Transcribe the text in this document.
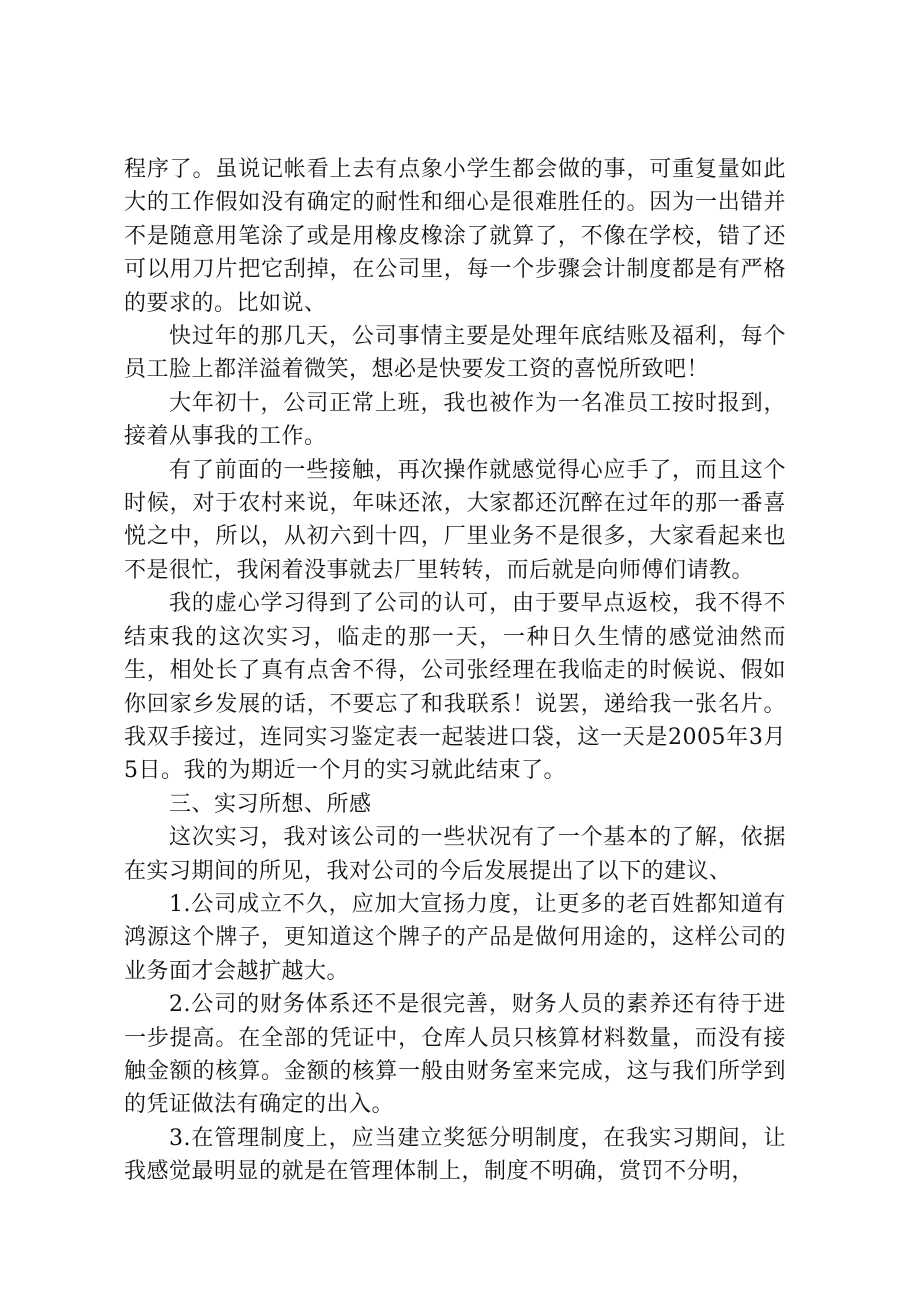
程序了。虽说记帐看上去有点象小学生都会做的事，可重复量如此大的工作假如没有确定的耐性和细心是很难胜任的。因为一出错并不是随意用笔涂了或是用橡皮橡涂了就算了，不像在学校，错了还可以用刀片把它刮掉，在公司里，每一个步骤会计制度都是有严格的要求的。比如说、

快过年的那几天，公司事情主要是处理年底结账及福利，每个员工脸上都洋溢着微笑，想必是快要发工资的喜悦所致吧！

大年初十，公司正常上班，我也被作为一名准员工按时报到，接着从事我的工作。

有了前面的一些接触，再次操作就感觉得心应手了，而且这个时候，对于农村来说，年味还浓，大家都还沉醉在过年的那一番喜悦之中，所以，从初六到十四，厂里业务不是很多，大家看起来也不是很忙，我闲着没事就去厂里转转，而后就是向师傅们请教。

我的虚心学习得到了公司的认可，由于要早点返校，我不得不结束我的这次实习，临走的那一天，一种日久生情的感觉油然而生，相处长了真有点舍不得，公司张经理在我临走的时候说、假如你回家乡发展的话，不要忘了和我联系！说罢，递给我一张名片。我双手接过，连同实习鉴定表一起装进口袋，这一天是2005年3月5日。我的为期近一个月的实习就此结束了。

三、实习所想、所感

这次实习，我对该公司的一些状况有了一个基本的了解，依据在实习期间的所见，我对公司的今后发展提出了以下的建议、

1.公司成立不久，应加大宣扬力度，让更多的老百姓都知道有鸿源这个牌子，更知道这个牌子的产品是做何用途的，这样公司的业务面才会越扩越大。

2.公司的财务体系还不是很完善，财务人员的素养还有待于进一步提高。在全部的凭证中，仓库人员只核算材料数量，而没有接触金额的核算。金额的核算一般由财务室来完成，这与我们所学到的凭证做法有确定的出入。

3.在管理制度上，应当建立奖惩分明制度，在我实习期间，让我感觉最明显的就是在管理体制上，制度不明确，赏罚不分明，
